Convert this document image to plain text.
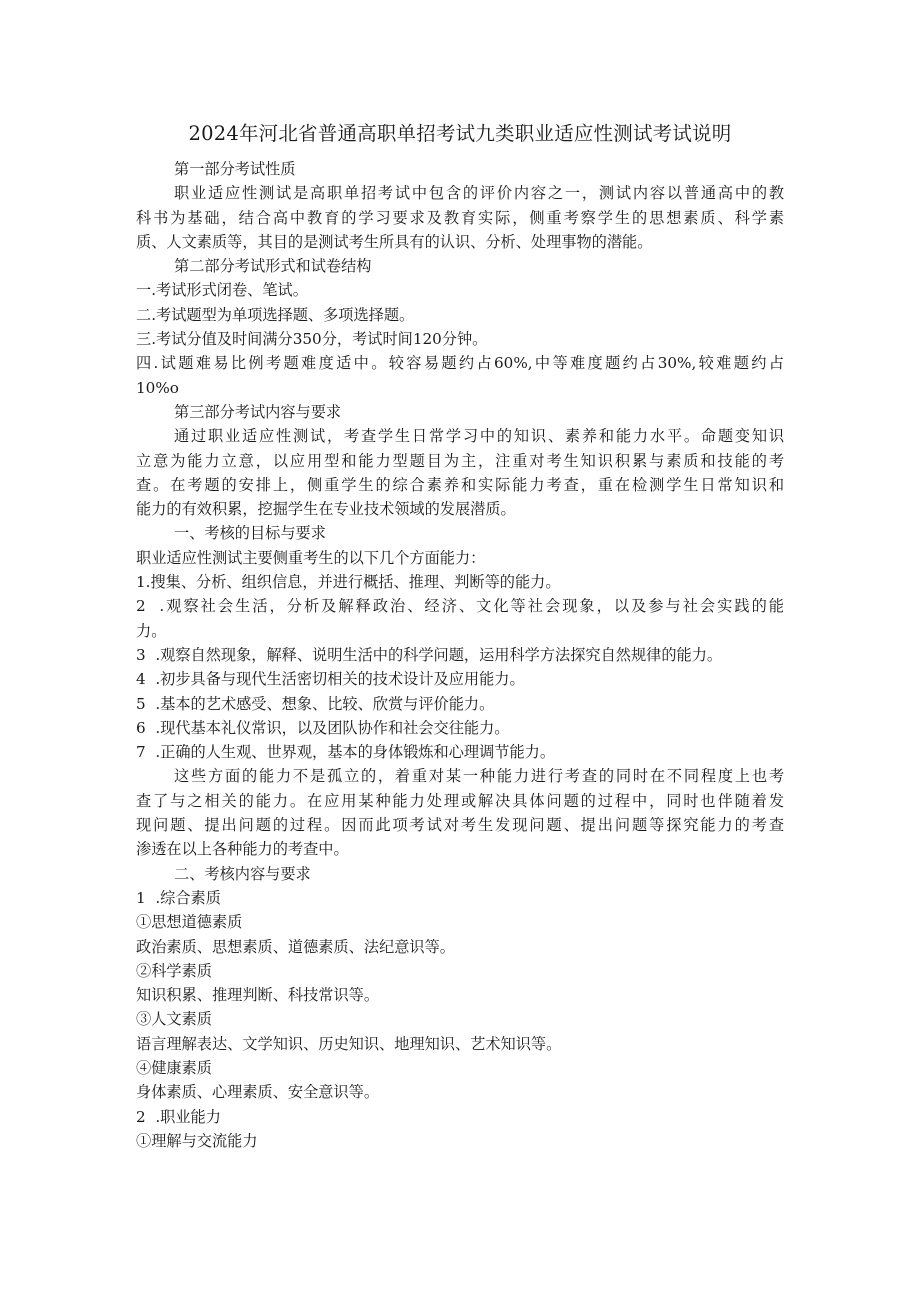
2024年河北省普通高职单招考试九类职业适应性测试考试说明
第一部分考试性质
职业适应性测试是高职单招考试中包含的评价内容之一，测试内容以普通高中的教
科书为基础，结合高中教育的学习要求及教育实际，侧重考察学生的思想素质、科学素
质、人文素质等，其目的是测试考生所具有的认识、分析、处理事物的潜能。
第二部分考试形式和试卷结构
一.考试形式闭卷、笔试。
二.考试题型为单项选择题、多项选择题。
三.考试分值及时间满分350分，考试时间120分钟。
四.试题难易比例考题难度适中。较容易题约占60%,中等难度题约占30%,较难题约占
10%o
第三部分考试内容与要求
通过职业适应性测试，考查学生日常学习中的知识、素养和能力水平。命题变知识
立意为能力立意，以应用型和能力型题目为主，注重对考生知识积累与素质和技能的考
查。在考题的安排上，侧重学生的综合素养和实际能力考查，重在检测学生日常知识和
能力的有效积累，挖掘学生在专业技术领域的发展潜质。
一、考核的目标与要求
职业适应性测试主要侧重考生的以下几个方面能力：
1.搜集、分析、组织信息，并进行概括、推理、判断等的能力。
2  .观察社会生活，分析及解释政治、经济、文化等社会现象，以及参与社会实践的能
力。
3  .观察自然现象，解释、说明生活中的科学问题，运用科学方法探究自然规律的能力。
4  .初步具备与现代生活密切相关的技术设计及应用能力。
5  .基本的艺术感受、想象、比较、欣赏与评价能力。
6  .现代基本礼仪常识，以及团队协作和社会交往能力。
7  .正确的人生观、世界观，基本的身体锻炼和心理调节能力。
这些方面的能力不是孤立的，着重对某一种能力进行考查的同时在不同程度上也考
查了与之相关的能力。在应用某种能力处理或解决具体问题的过程中，同时也伴随着发
现问题、提出问题的过程。因而此项考试对考生发现问题、提出问题等探究能力的考查
渗透在以上各种能力的考查中。
二、考核内容与要求
1  .综合素质
①思想道德素质
政治素质、思想素质、道德素质、法纪意识等。
②科学素质
知识积累、推理判断、科技常识等。
③人文素质
语言理解表达、文学知识、历史知识、地理知识、艺术知识等。
④健康素质
身体素质、心理素质、安全意识等。
2  .职业能力
①理解与交流能力
